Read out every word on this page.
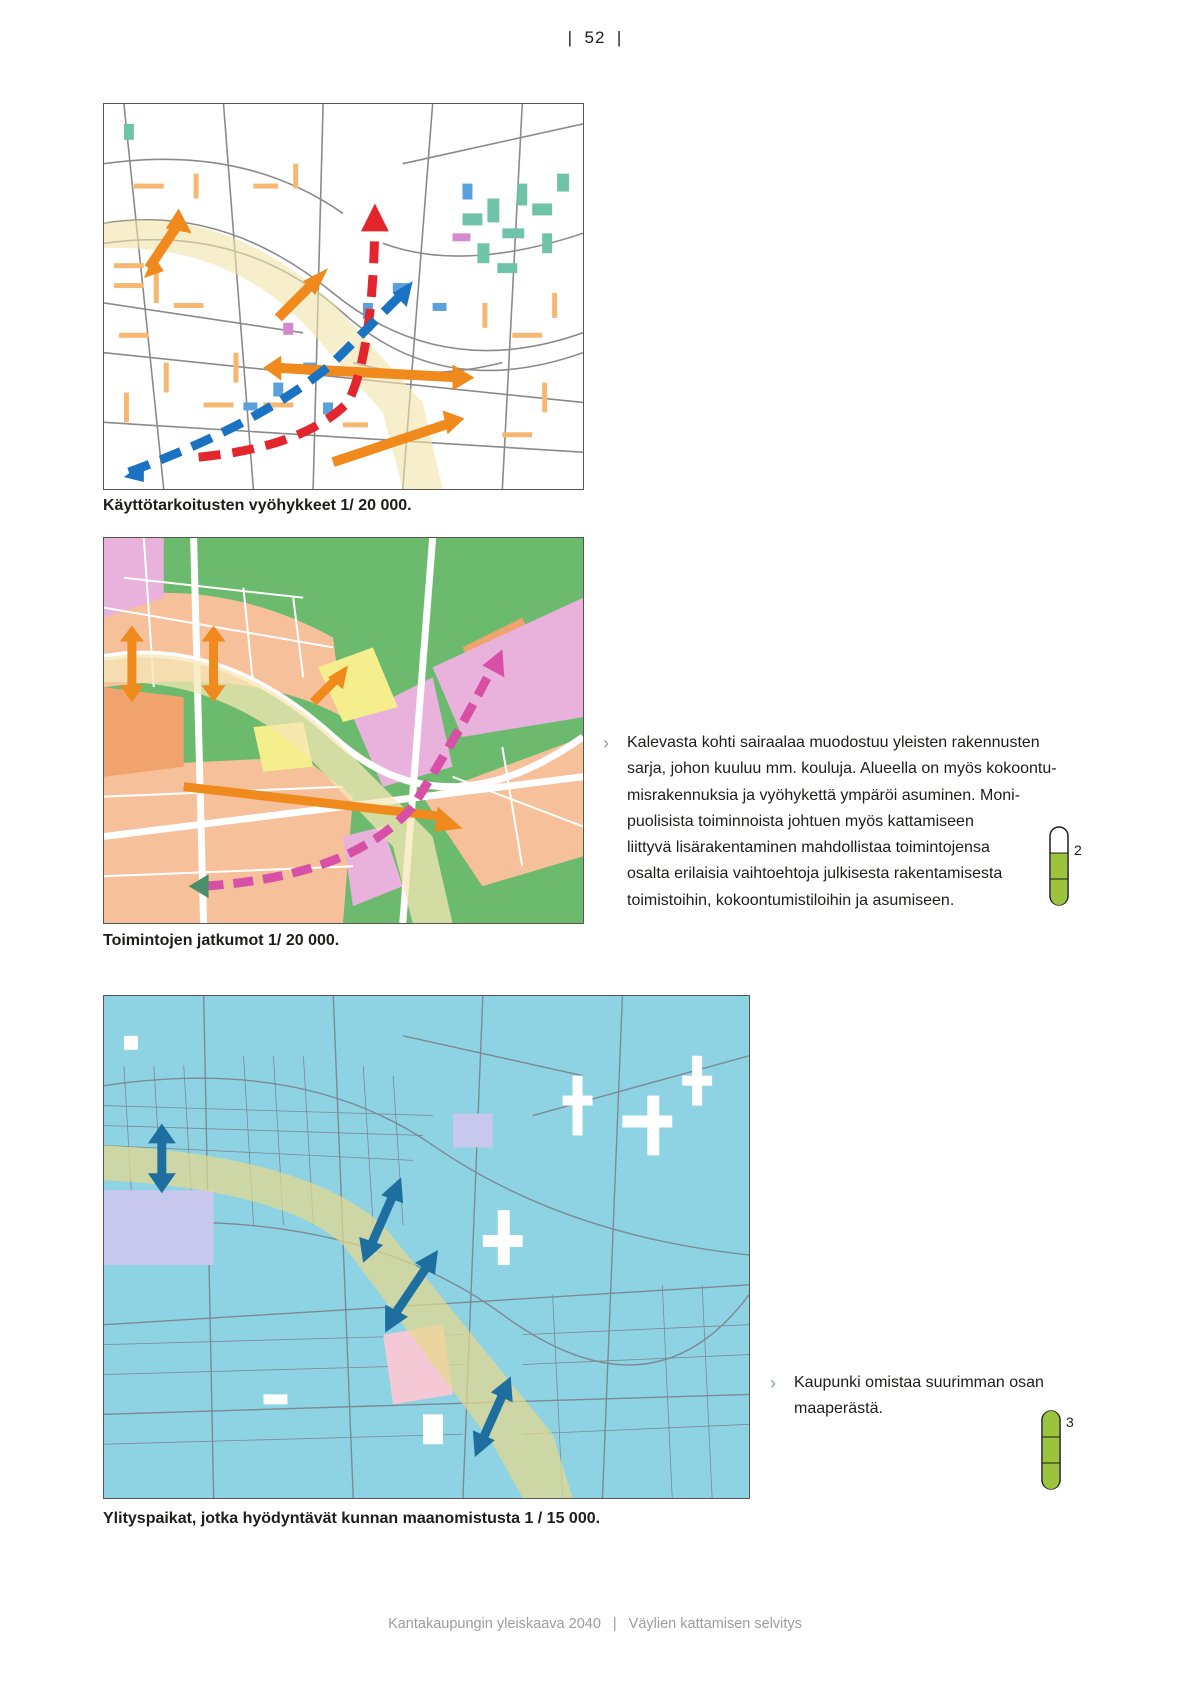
| 52 |
Käyttötarkoitusten vyöhykkeet 1/ 20 000.
Toimintojen jatkumot 1/ 20 000.
› Kalevasta kohti sairaalaa muodostuu yleisten rakennusten
sarja, johon kuuluu mm. kouluja. Alueella on myös kokoontu-
misrakennuksia ja vyöhykettä ympäröi asuminen. Moni-
puolisista toiminnoista johtuen myös kattamiseen
liittyvä lisärakentaminen mahdollistaa toimintojensa
osalta erilaisia vaihtoehtoja julkisesta rakentamisesta
toimistoihin, kokoontumistiloihin ja asumiseen.
2
Ylityspaikat, jotka hyödyntävät kunnan maanomistusta 1 / 15 000.
› Kaupunki omistaa suurimman osan
maaperästä.
3
Kantakaupungin yleiskaava 2040 | Väylien kattamisen selvitys
